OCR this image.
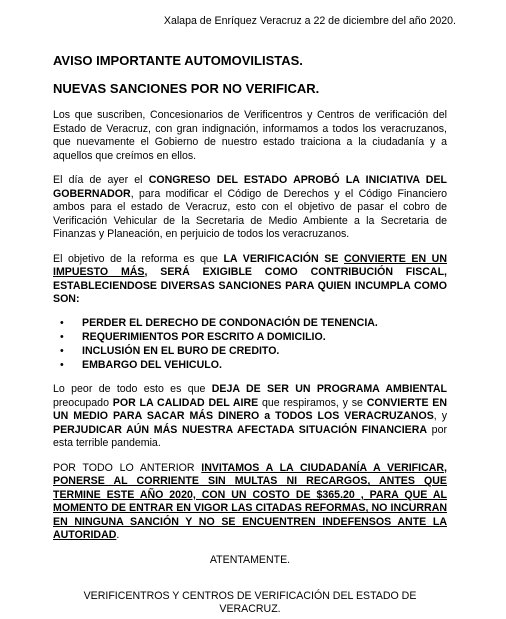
Xalapa de Enríquez Veracruz a 22 de diciembre del año 2020.
AVISO IMPORTANTE AUTOMOVILISTAS.
NUEVAS SANCIONES POR NO VERIFICAR.

Los que suscriben, Concesionarios de Verificentros y Centros de verificación del Estado de Veracruz, con gran indignación, informamos a todos los veracruzanos, que nuevamente el Gobierno de nuestro estado traiciona a la ciudadanía y a aquellos que creímos en ellos.

El día de ayer el CONGRESO DEL ESTADO APROBÓ LA INICIATIVA DEL GOBERNADOR, para modificar el Código de Derechos y el Código Financiero ambos para el estado de Veracruz, esto con el objetivo de pasar el cobro de Verificación Vehicular de la Secretaria de Medio Ambiente a la Secretaria de Finanzas y Planeación, en perjuicio de todos los veracruzanos.

El objetivo de la reforma es que LA VERIFICACIÓN SE CONVIERTE EN UN IMPUESTO MÁS, SERÁ EXIGIBLE COMO CONTRIBUCIÓN FISCAL, ESTABLECIENDOSE DIVERSAS SANCIONES PARA QUIEN INCUMPLA COMO SON:

• PERDER EL DERECHO DE CONDONACIÓN DE TENENCIA.
• REQUERIMIENTOS POR ESCRITO A DOMICILIO.
• INCLUSIÓN EN EL BURO DE CREDITO.
• EMBARGO DEL VEHICULO.

Lo peor de todo esto es que DEJA DE SER UN PROGRAMA AMBIENTAL preocupado POR LA CALIDAD DEL AIRE que respiramos, y se CONVIERTE EN UN MEDIO PARA SACAR MÁS DINERO a TODOS LOS VERACRUZANOS, y PERJUDICAR AÚN MÁS NUESTRA AFECTADA SITUACIÓN FINANCIERA por esta terrible pandemia.

POR TODO LO ANTERIOR INVITAMOS A LA CIUDADANÍA A VERIFICAR, PONERSE AL CORRIENTE SIN MULTAS NI RECARGOS, ANTES QUE TERMINE ESTE AÑO 2020, CON UN COSTO DE $365.20 , PARA QUE AL MOMENTO DE ENTRAR EN VIGOR LAS CITADAS REFORMAS, NO INCURRAN EN NINGUNA SANCIÓN Y NO SE ENCUENTREN INDEFENSOS ANTE LA AUTORIDAD.

ATENTAMENTE.
VERIFICENTROS Y CENTROS DE VERIFICACIÓN DEL ESTADO DE VERACRUZ.
